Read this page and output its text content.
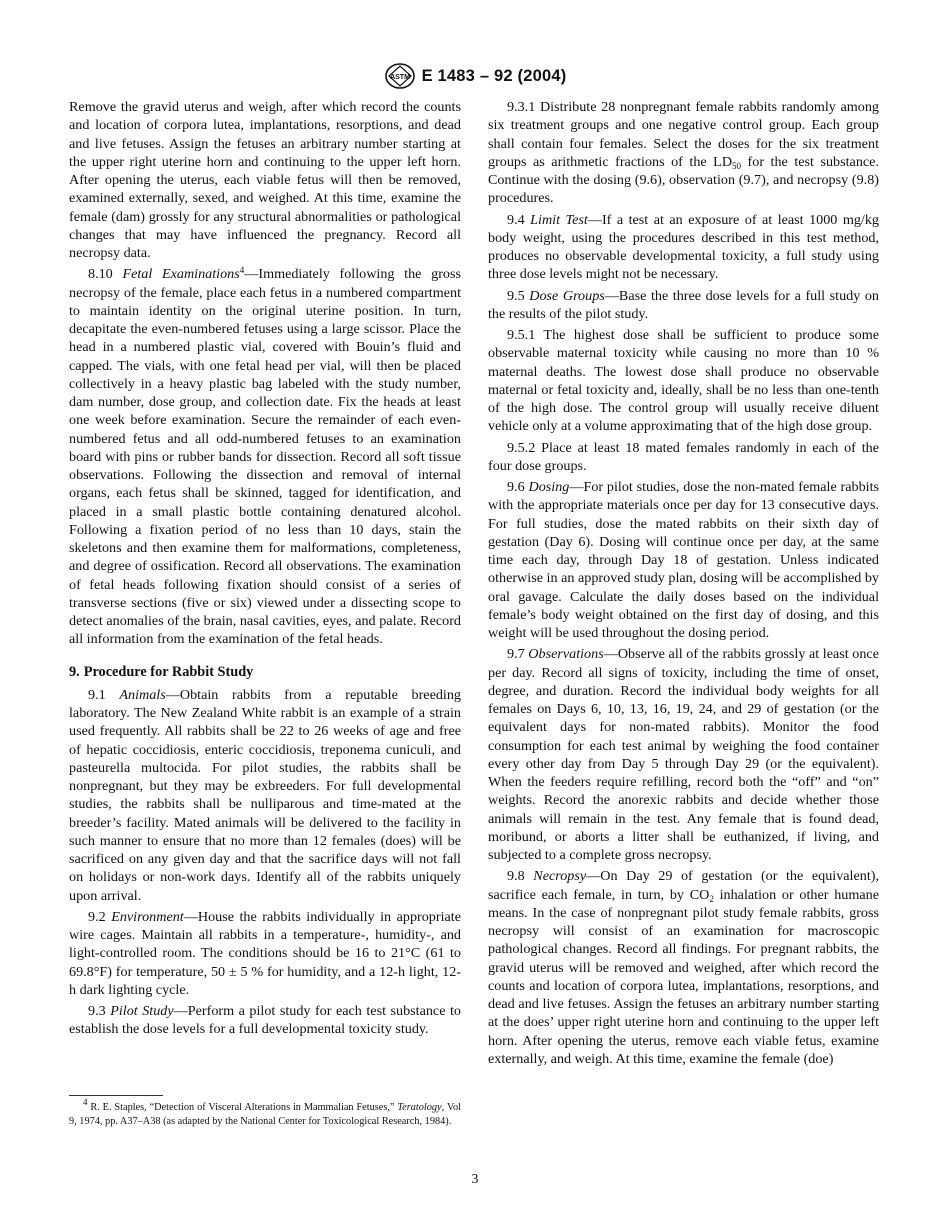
ASTM E 1483 – 92 (2004)

Remove the gravid uterus and weigh, after which record the counts and location of corpora lutea, implantations, resorptions, and dead and live fetuses. Assign the fetuses an arbitrary number starting at the upper right uterine horn and continuing to the upper left horn. After opening the uterus, each viable fetus will then be removed, examined externally, sexed, and weighed. At this time, examine the female (dam) grossly for any structural abnormalities or pathological changes that may have influenced the pregnancy. Record all necropsy data.

8.10 Fetal Examinations$^4$—Immediately following the gross necropsy of the female, place each fetus in a numbered compartment to maintain identity on the original uterine position. In turn, decapitate the even-numbered fetuses using a large scissor. Place the head in a numbered plastic vial, covered with Bouin’s fluid and capped. The vials, with one fetal head per vial, will then be placed collectively in a heavy plastic bag labeled with the study number, dam number, dose group, and collection date. Fix the heads at least one week before examination. Secure the remainder of each even-numbered fetus and all odd-numbered fetuses to an examination board with pins or rubber bands for dissection. Record all soft tissue observations. Following the dissection and removal of internal organs, each fetus shall be skinned, tagged for identification, and placed in a small plastic bottle containing denatured alcohol. Following a fixation period of no less than 10 days, stain the skeletons and then examine them for malformations, completeness, and degree of ossification. Record all observations. The examination of fetal heads following fixation should consist of a series of transverse sections (five or six) viewed under a dissecting scope to detect anomalies of the brain, nasal cavities, eyes, and palate. Record all information from the examination of the fetal heads.

9. Procedure for Rabbit Study

9.1 Animals—Obtain rabbits from a reputable breeding laboratory. The New Zealand White rabbit is an example of a strain used frequently. All rabbits shall be 22 to 26 weeks of age and free of hepatic coccidiosis, enteric coccidiosis, treponema cuniculi, and pasteurella multocida. For pilot studies, the rabbits shall be nonpregnant, but they may be exbreeders. For full developmental studies, the rabbits shall be nulliparous and time-mated at the breeder’s facility. Mated animals will be delivered to the facility in such manner to ensure that no more than 12 females (does) will be sacrificed on any given day and that the sacrifice days will not fall on holidays or non-work days. Identify all of the rabbits uniquely upon arrival.

9.2 Environment—House the rabbits individually in appropriate wire cages. Maintain all rabbits in a temperature-, humidity-, and light-controlled room. The conditions should be 16 to 21°C (61 to 69.8°F) for temperature, 50 ± 5 % for humidity, and a 12-h light, 12-h dark lighting cycle.

9.3 Pilot Study—Perform a pilot study for each test substance to establish the dose levels for a full developmental toxicity study.

$^4$ R. E. Staples, “Detection of Visceral Alterations in Mammalian Fetuses,” Teratology, Vol 9, 1974, pp. A37–A38 (as adapted by the National Center for Toxicological Research, 1984).

9.3.1 Distribute 28 nonpregnant female rabbits randomly among six treatment groups and one negative control group. Each group shall contain four females. Select the doses for the six treatment groups as arithmetic fractions of the $LD_{50}$ for the test substance. Continue with the dosing (9.6), observation (9.7), and necropsy (9.8) procedures.

9.4 Limit Test—If a test at an exposure of at least 1000 mg/kg body weight, using the procedures described in this test method, produces no observable developmental toxicity, a full study using three dose levels might not be necessary.

9.5 Dose Groups—Base the three dose levels for a full study on the results of the pilot study.

9.5.1 The highest dose shall be sufficient to produce some observable maternal toxicity while causing no more than 10 % maternal deaths. The lowest dose shall produce no observable maternal or fetal toxicity and, ideally, shall be no less than one-tenth of the high dose. The control group will usually receive diluent vehicle only at a volume approximating that of the high dose group.

9.5.2 Place at least 18 mated females randomly in each of the four dose groups.

9.6 Dosing—For pilot studies, dose the non-mated female rabbits with the appropriate materials once per day for 13 consecutive days. For full studies, dose the mated rabbits on their sixth day of gestation (Day 6). Dosing will continue once per day, at the same time each day, through Day 18 of gestation. Unless indicated otherwise in an approved study plan, dosing will be accomplished by oral gavage. Calculate the daily doses based on the individual female’s body weight obtained on the first day of dosing, and this weight will be used throughout the dosing period.

9.7 Observations—Observe all of the rabbits grossly at least once per day. Record all signs of toxicity, including the time of onset, degree, and duration. Record the individual body weights for all females on Days 6, 10, 13, 16, 19, 24, and 29 of gestation (or the equivalent days for non-mated rabbits). Monitor the food consumption for each test animal by weighing the food container every other day from Day 5 through Day 29 (or the equivalent). When the feeders require refilling, record both the “off” and “on” weights. Record the anorexic rabbits and decide whether those animals will remain in the test. Any female that is found dead, moribund, or aborts a litter shall be euthanized, if living, and subjected to a complete gross necropsy.

9.8 Necropsy—On Day 29 of gestation (or the equivalent), sacrifice each female, in turn, by $CO_2$ inhalation or other humane means. In the case of nonpregnant pilot study female rabbits, gross necropsy will consist of an examination for macroscopic pathological changes. Record all findings. For pregnant rabbits, the gravid uterus will be removed and weighed, after which record the counts and location of corpora lutea, implantations, resorptions, and dead and live fetuses. Assign the fetuses an arbitrary number starting at the does’ upper right uterine horn and continuing to the upper left horn. After opening the uterus, remove each viable fetus, examine externally, and weigh. At this time, examine the female (doe)

3
